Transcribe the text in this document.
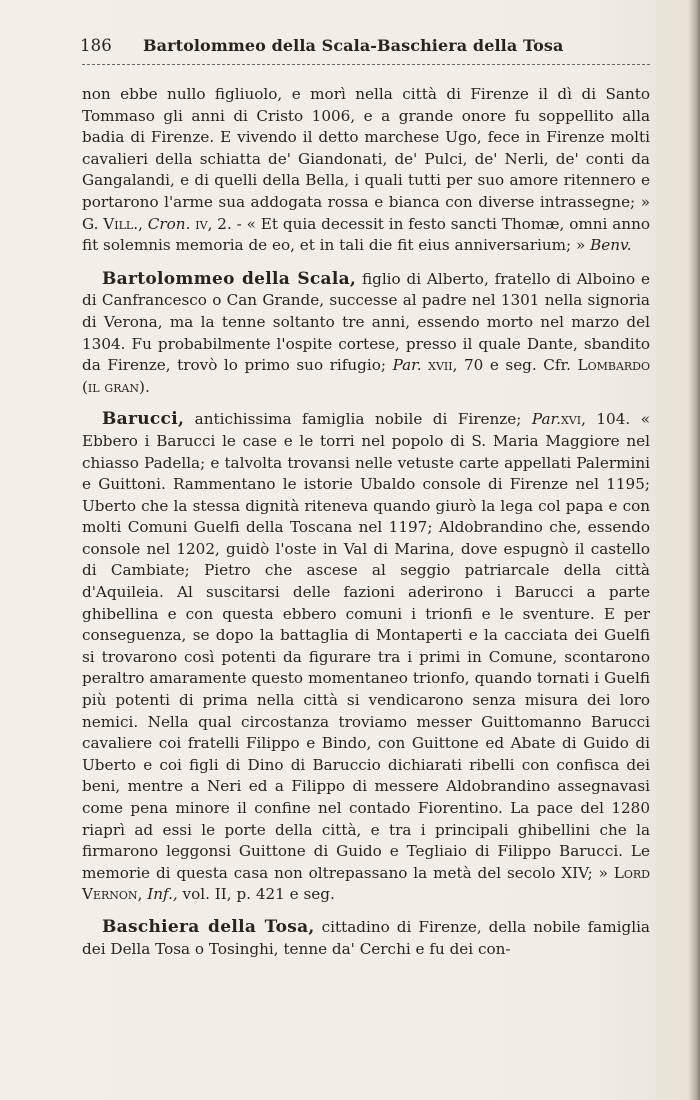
186 Bartolommeo della Scala-Baschiera della Tosa

non ebbe nullo figliuolo, e morì nella città di Firenze il dì di Santo Tommaso gli anni di Cristo 1006, e a grande onore fu soppellito alla badia di Firenze. E vivendo il detto marchese Ugo, fece in Firenze molti cavalieri della schiatta de' Giandonati, de' Pulci, de' Nerli, de' conti da Gangalandi, e di quelli della Bella, i quali tutti per suo amore ritennero e portarono l'arme sua addogata rossa e bianca con diverse intrassegne; » G. Vill., Cron. iv, 2. - « Et quia decessit in festo sancti Thomæ, omni anno fit solemnis memoria de eo, et in tali die fit eius anniversarium; » Benv.

Bartolommeo della Scala, figlio di Alberto, fratello di Alboino e di Canfrancesco o Can Grande, successe al padre nel 1301 nella signoria di Verona, ma la tenne soltanto tre anni, essendo morto nel marzo del 1304. Fu probabilmente l'ospite cortese, presso il quale Dante, sbandito da Firenze, trovò lo primo suo rifugio; Par. xvii, 70 e seg. Cfr. Lombardo (il gran).

Barucci, antichissima famiglia nobile di Firenze; Par.xvi, 104. « Ebbero i Barucci le case e le torri nel popolo di S. Maria Maggiore nel chiasso Padella; e talvolta trovansi nelle vetuste carte appellati Palermini e Guittoni. Rammentano le istorie Ubaldo console di Firenze nel 1195; Uberto che la stessa dignità riteneva quando giurò la lega col papa e con molti Comuni Guelfi della Toscana nel 1197; Aldobrandino che, essendo console nel 1202, guidò l'oste in Val di Marina, dove espugnò il castello di Cambiate; Pietro che ascese al seggio patriarcale della città d'Aquileia. Al suscitarsi delle fazioni aderirono i Barucci a parte ghibellina e con questa ebbero comuni i trionfi e le sventure. E per conseguenza, se dopo la battaglia di Montaperti e la cacciata dei Guelfi si trovarono così potenti da figurare tra i primi in Comune, scontarono peraltro amaramente questo momentaneo trionfo, quando tornati i Guelfi più potenti di prima nella città si vendicarono senza misura dei loro nemici. Nella qual circostanza troviamo messer Guittomanno Barucci cavaliere coi fratelli Filippo e Bindo, con Guittone ed Abate di Guido di Uberto e coi figli di Dino di Baruccio dichiarati ribelli con confisca dei beni, mentre a Neri ed a Filippo di messere Aldobrandino assegnavasi come pena minore il confine nel contado Fiorentino. La pace del 1280 riaprì ad essi le porte della città, e tra i principali ghibellini che la firmarono leggonsi Guittone di Guido e Tegliaio di Filippo Barucci. Le memorie di questa casa non oltrepassano la metà del secolo XIV; » Lord Vernon, Inf., vol. II, p. 421 e seg.

Baschiera della Tosa, cittadino di Firenze, della nobile famiglia dei Della Tosa o Tosinghi, tenne da' Cerchi e fu dei con-
